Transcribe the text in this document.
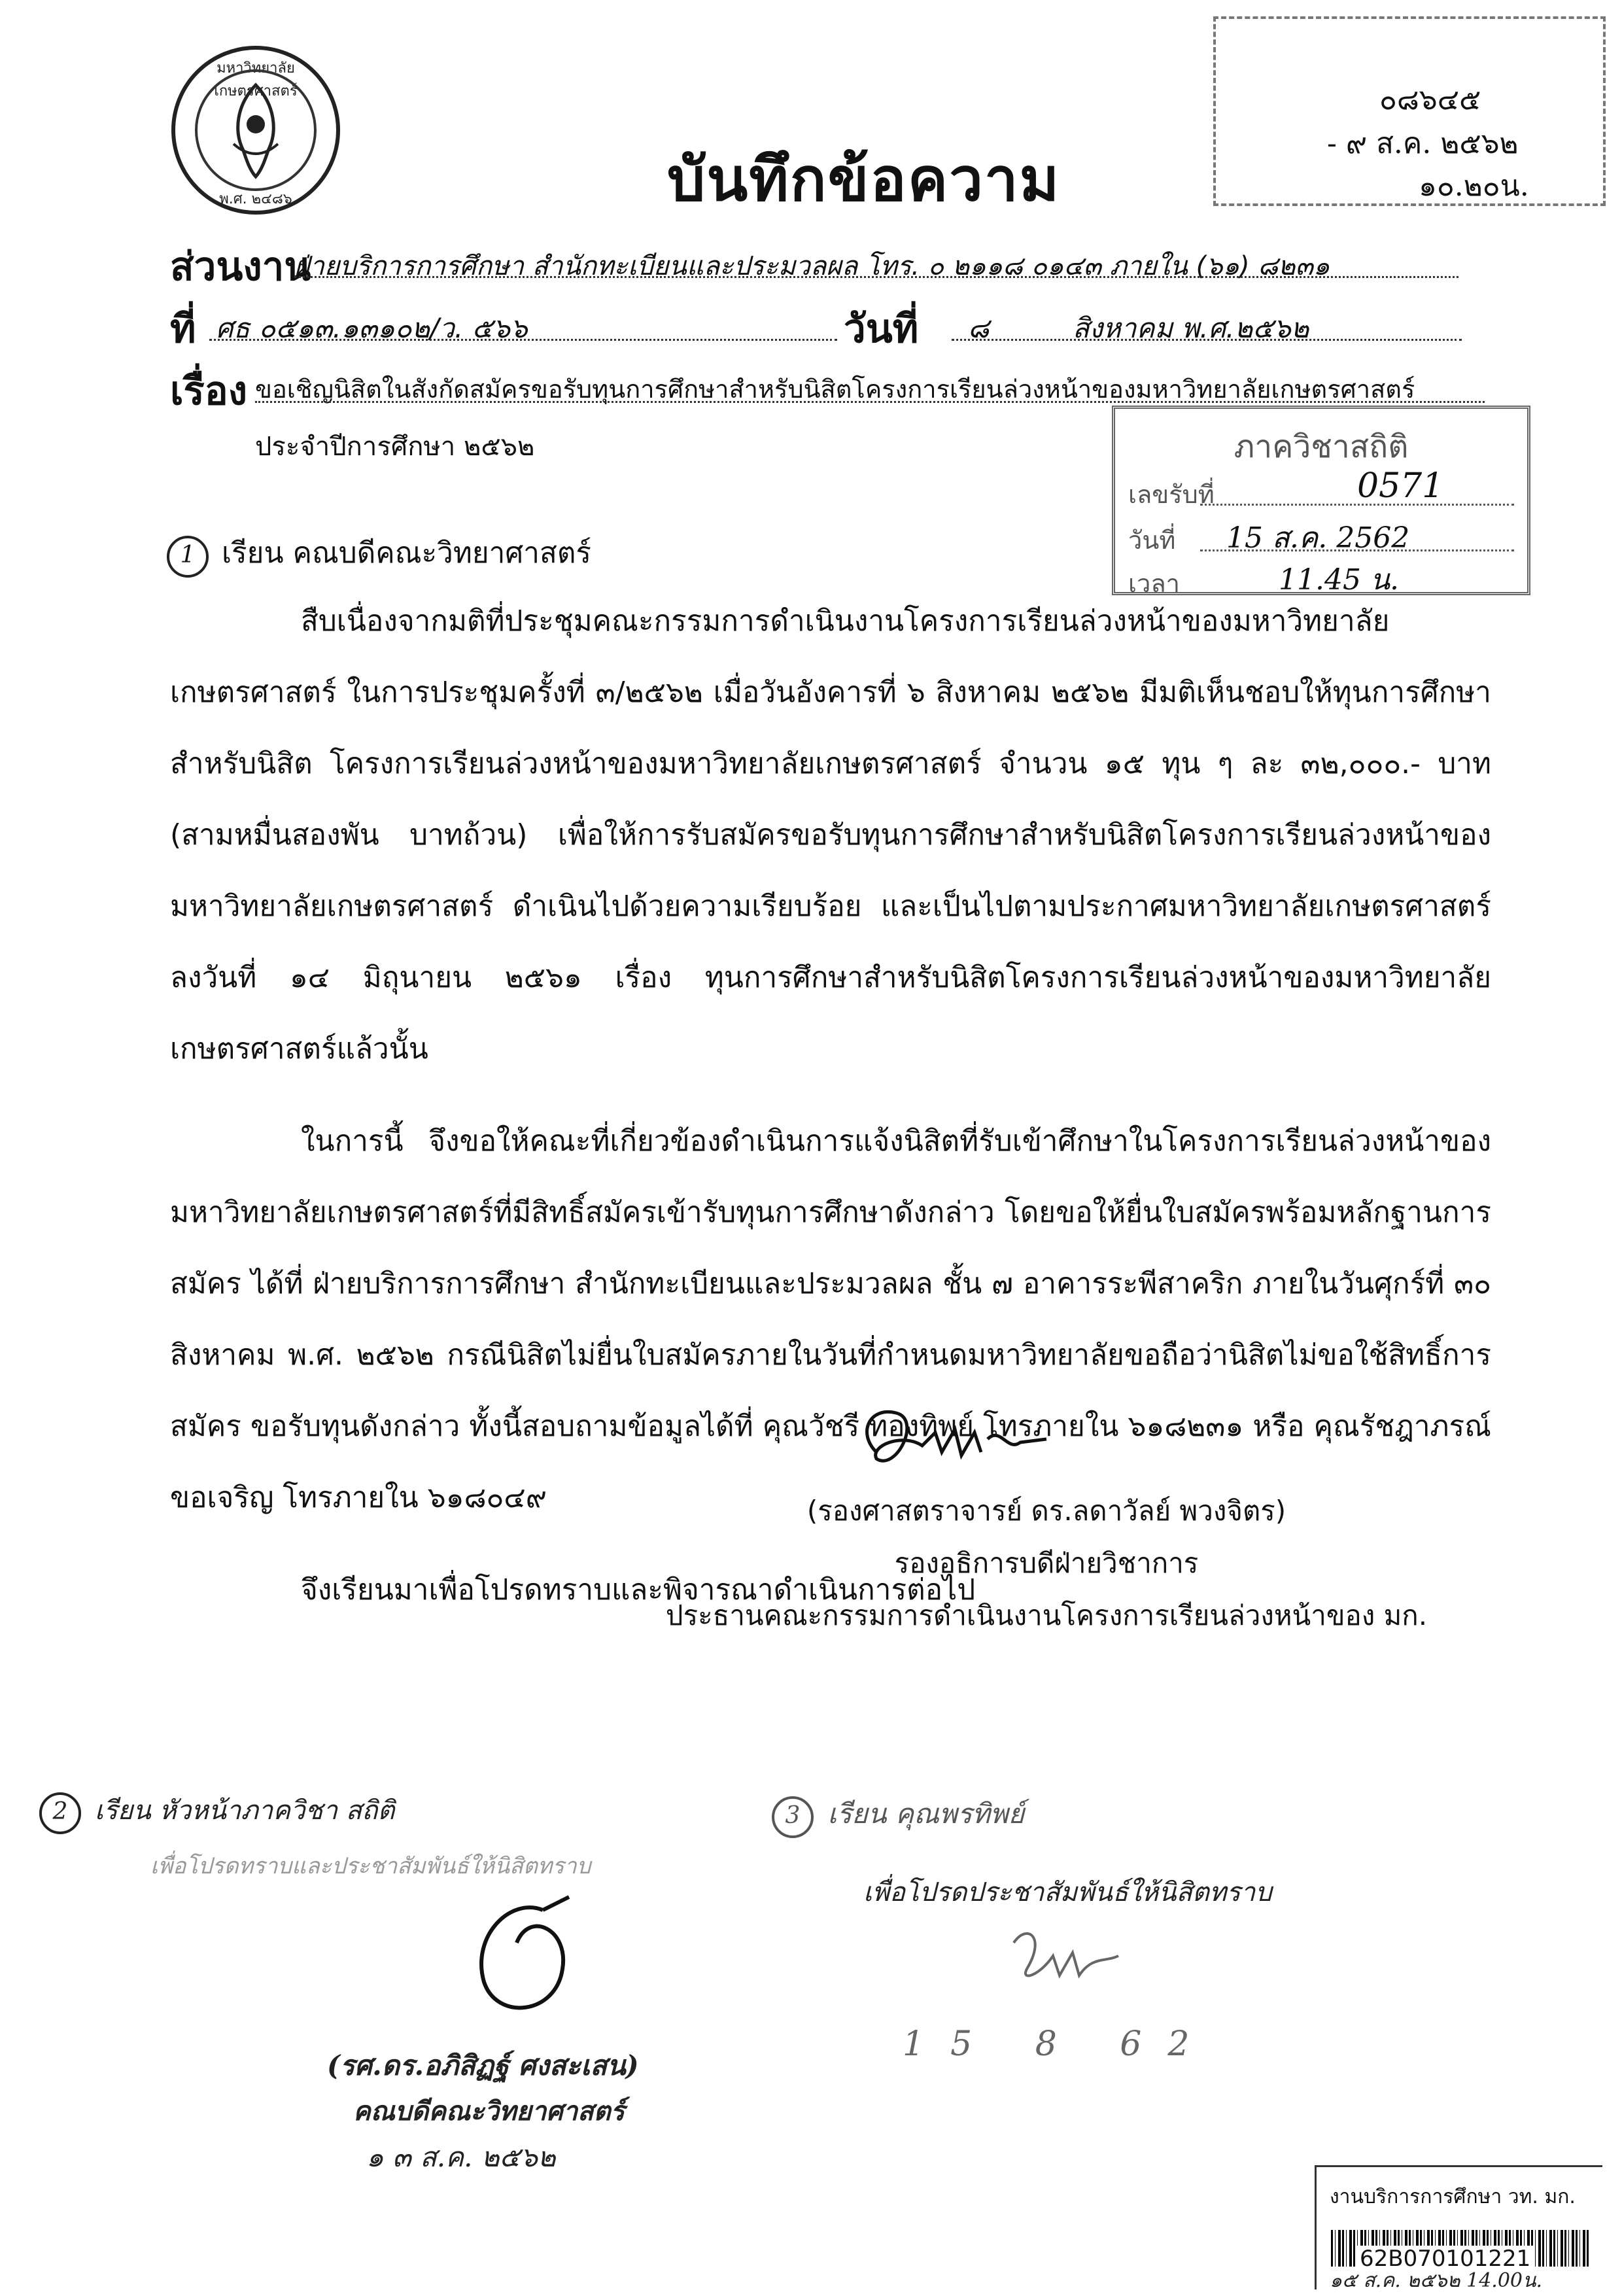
มหาวิทยาลัยเกษตรศาสตร์
พ.ศ. ๒๔๘๖	บันทึกข้อความ
๐๘๖๔๕
- ๙ ส.ค. ๒๕๖๒
๑๐.๒๐น.
ส่วนงาน
ฝ่ายบริการการศึกษา สำนักทะเบียนและประมวลผล โทร. ๐ ๒๑๑๘ ๐๑๔๓ ภายใน (๖๑) ๘๒๓๑
ที่ ศธ ๐๕๑๓.๑๓๑๐๒/ว. ๕๖๖	วันที่ ๘	สิงหาคม พ.ศ.๒๕๖๒
เรื่อง ขอเชิญนิสิตในสังกัดสมัครขอรับทุนการศึกษาสำหรับนิสิตโครงการเรียนล่วงหน้าของมหาวิทยาลัยเกษตรศาสตร์
ประจำปีการศึกษา ๒๕๖๒	ภาควิชาสถิติ
เลขรับที่	0571
วันที่ 15 ส.ค. 2562
เวลา	11.45 น.
1 เรียน คณบดีคณะวิทยาศาสตร์

สืบเนื่องจากมติที่ประชุมคณะกรรมการดำเนินงานโครงการเรียนล่วงหน้าของมหาวิทยาลัยเกษตรศาสตร์ ในการประชุมครั้งที่ ๓/๒๕๖๒ เมื่อวันอังคารที่ ๖ สิงหาคม ๒๕๖๒ มีมติเห็นชอบให้ทุนการศึกษาสำหรับนิสิต โครงการเรียนล่วงหน้าของมหาวิทยาลัยเกษตรศาสตร์ จำนวน ๑๕ ทุน ๆ ละ ๓๒,๐๐๐.- บาท (สามหมื่นสองพัน บาทถ้วน) เพื่อให้การรับสมัครขอรับทุนการศึกษาสำหรับนิสิตโครงการเรียนล่วงหน้าของมหาวิทยาลัยเกษตรศาสตร์ ดำเนินไปด้วยความเรียบร้อย และเป็นไปตามประกาศมหาวิทยาลัยเกษตรศาสตร์ ลงวันที่ ๑๔ มิถุนายน ๒๕๖๑ เรื่อง ทุนการศึกษาสำหรับนิสิตโครงการเรียนล่วงหน้าของมหาวิทยาลัยเกษตรศาสตร์แล้วนั้น

ในการนี้ จึงขอให้คณะที่เกี่ยวข้องดำเนินการแจ้งนิสิตที่รับเข้าศึกษาในโครงการเรียนล่วงหน้าของ มหาวิทยาลัยเกษตรศาสตร์ที่มีสิทธิ์สมัครเข้ารับทุนการศึกษาดังกล่าว โดยขอให้ยื่นใบสมัครพร้อมหลักฐานการสมัคร ได้ที่ ฝ่ายบริการการศึกษา สำนักทะเบียนและประมวลผล ชั้น ๗ อาคารระพีสาคริก ภายในวันศุกร์ที่ ๓๐ สิงหาคม พ.ศ. ๒๕๖๒ กรณีนิสิตไม่ยื่นใบสมัครภายในวันที่กำหนดมหาวิทยาลัยขอถือว่านิสิตไม่ขอใช้สิทธิ์การสมัคร ขอรับทุนดังกล่าว ทั้งนี้สอบถามข้อมูลได้ที่ คุณวัชรี ทองทิพย์ โทรภายใน ๖๑๘๒๓๑ หรือ คุณรัชฎาภรณ์ ขอเจริญ โทรภายใน ๖๑๘๐๔๙

จึงเรียนมาเพื่อโปรดทราบและพิจารณาดำเนินการต่อไป

(รองศาสตราจารย์ ดร.ลดาวัลย์ พวงจิตร)
รองอธิการบดีฝ่ายวิชาการ
ประธานคณะกรรมการดำเนินงานโครงการเรียนล่วงหน้าของ มก.
2 เรียน หัวหน้าภาควิชา สถิติ
เพื่อโปรดทราบและประชาสัมพันธ์ให้นิสิตทราบ
(รศ.ดร.อภิสิฏฐ์ ศงสะเสน)
คณบดีคณะวิทยาศาสตร์
๑ ๓ ส.ค. ๒๕๖๒
3 เรียน คุณพรทิพย์
เพื่อโปรดประชาสัมพันธ์ให้นิสิตทราบ
15 8 62
งานบริการการศึกษา วท. มก.
62B070101221
๑๕ ส.ค. ๒๕๖๒ 14.00น.
